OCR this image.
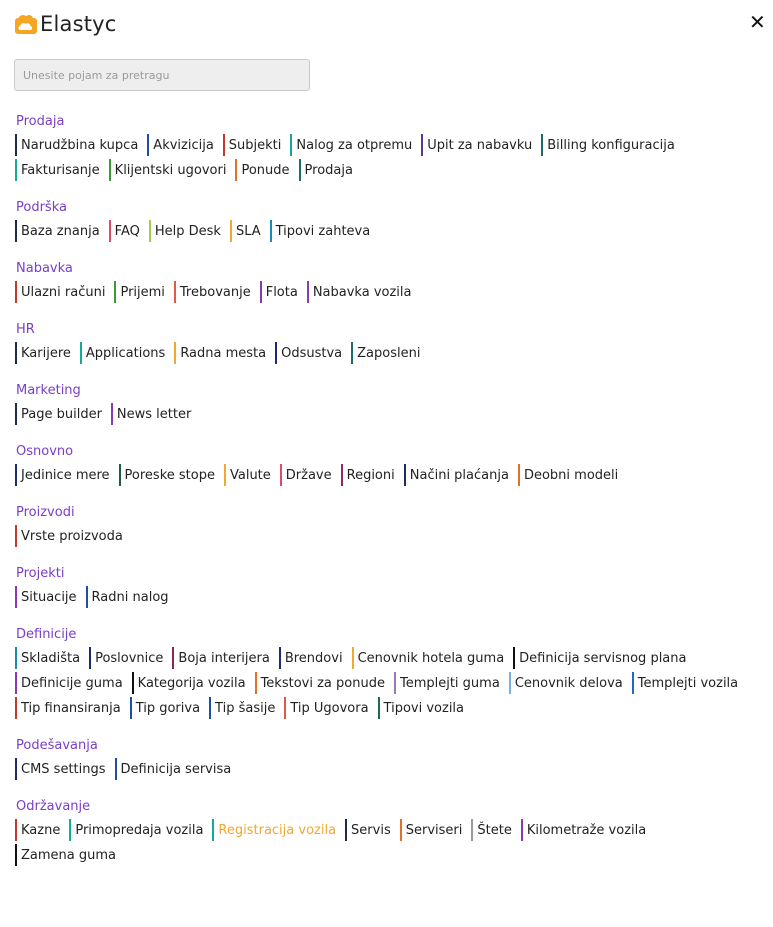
Elastyc	✕
Unesite pojam za pretragu
Prodaja
Narudžbina kupca	Akvizicija	Subjekti	Nalog za otpremu	Upit za nabavku	Billing konfiguracija
Fakturisanje	Klijentski ugovori	Ponude	Prodaja
Podrška
Baza znanja	FAQ	Help Desk	SLA	Tipovi zahteva
Nabavka
Ulazni računi	Prijemi	Trebovanje	Flota	Nabavka vozila
HR
Karijere	Applications	Radna mesta	Odsustva	Zaposleni
Marketing
Page builder	News letter
Osnovno
Jedinice mere	Poreske stope	Valute	Države	Regioni	Načini plaćanja	Deobni modeli
Proizvodi
Vrste proizvoda
Projekti
Situacije	Radni nalog
Definicije
Skladišta	Poslovnice	Boja interijera	Brendovi	Cenovnik hotela guma	Definicija servisnog plana
Definicije guma	Kategorija vozila	Tekstovi za ponude	Templejti guma	Cenovnik delova	Templejti vozila
Tip finansiranja	Tip goriva	Tip šasije	Tip Ugovora	Tipovi vozila
Podešavanja
CMS settings	Definicija servisa
Održavanje
Kazne	Primopredaja vozila	Registracija vozila	Servis	Serviseri	Štete	Kilometraže vozila
Zamena guma
